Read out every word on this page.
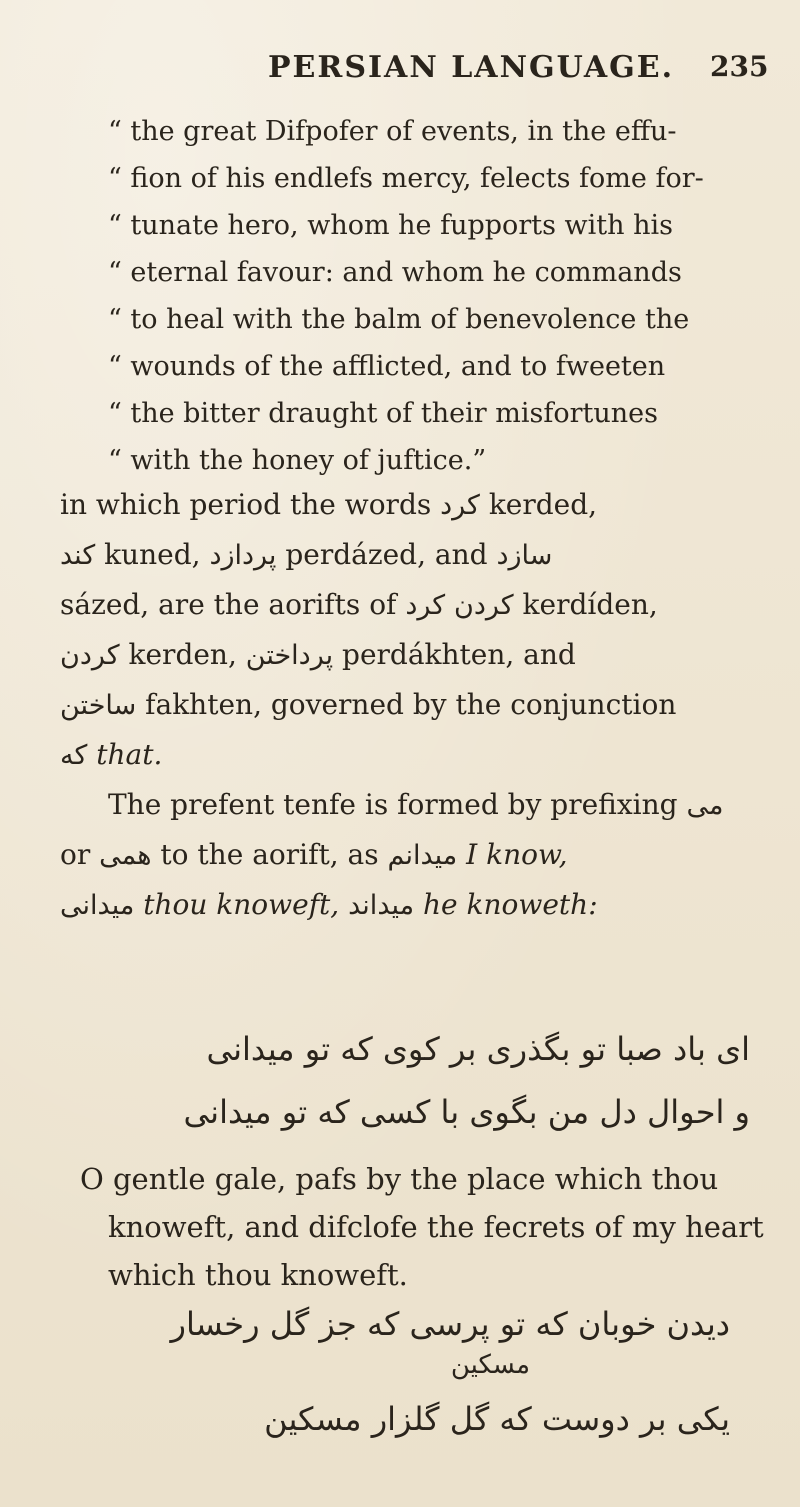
PERSIAN LANGUAGE. 235
“ the great Difpofer of events, in the effu-
“ fion of his endlefs mercy, felects fome for-
“ tunate hero, whom he fupports with his
“ eternal favour: and whom he commands
“ to heal with the balm of benevolence the
“ wounds of the afflicted, and to fweeten
“ the bitter draught of their misfortunes
“ with the honey of juftice.”
in which period the words کرد kerded,
کند kuned, پردازد perdázed, and سازد
sázed, are the aorifts of کردن کرد	kerdíden,
کردن kerden, پرداختن perdákhten, and
ساختن fakhten, governed by the conjunction
که that.
The prefent tenfe is formed by prefixing می
or همی to the aorift, as میدانم I know,
میدانی thou knoweft, میداند he knoweth:
ای باد صبا تو بگذری بر کوی که تو میدانی
و احوال دل من بگوی با کسی که تو میدانی
O gentle gale, pafs by the place which thou
knoweft, and difclofe the fecrets of my heart
which thou knoweft.
دیدن خوبان که تو پرسی که جز گل رخسار
مسکین
یکی بر دوست که گل گلزار مسکین
